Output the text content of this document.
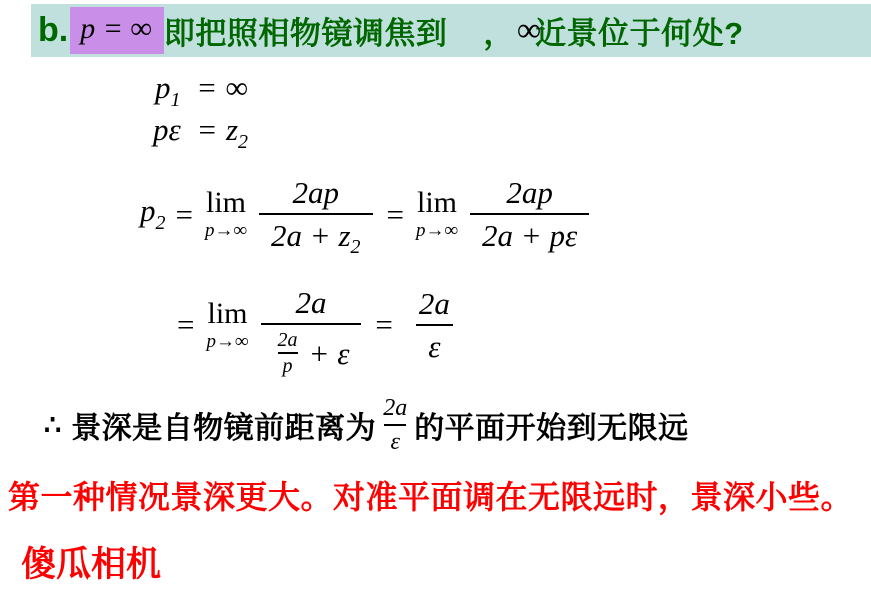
b. p = ∞ 即把照相物镜调焦到 ， ∞
近景位于何处?
$p_1$ = ∞
$p\varepsilon = z_2$
$p_2 = \lim$
$p\to\infty \frac{2ap}{2a + z 2} = \lim$
$p\to\infty \frac{2ap}{2a + p\varepsilon}$
= lim
p→∞ 2a
2a
$p + \varepsilon = \frac{2a}{\varepsilon}$
∴ 景深是自物镜前距离为 $\frac{2a}{\varepsilon}$ 的平面开始到无限远
第一种情况景深更大。对准平面调在无限远时，景深小些。
傻瓜相机
